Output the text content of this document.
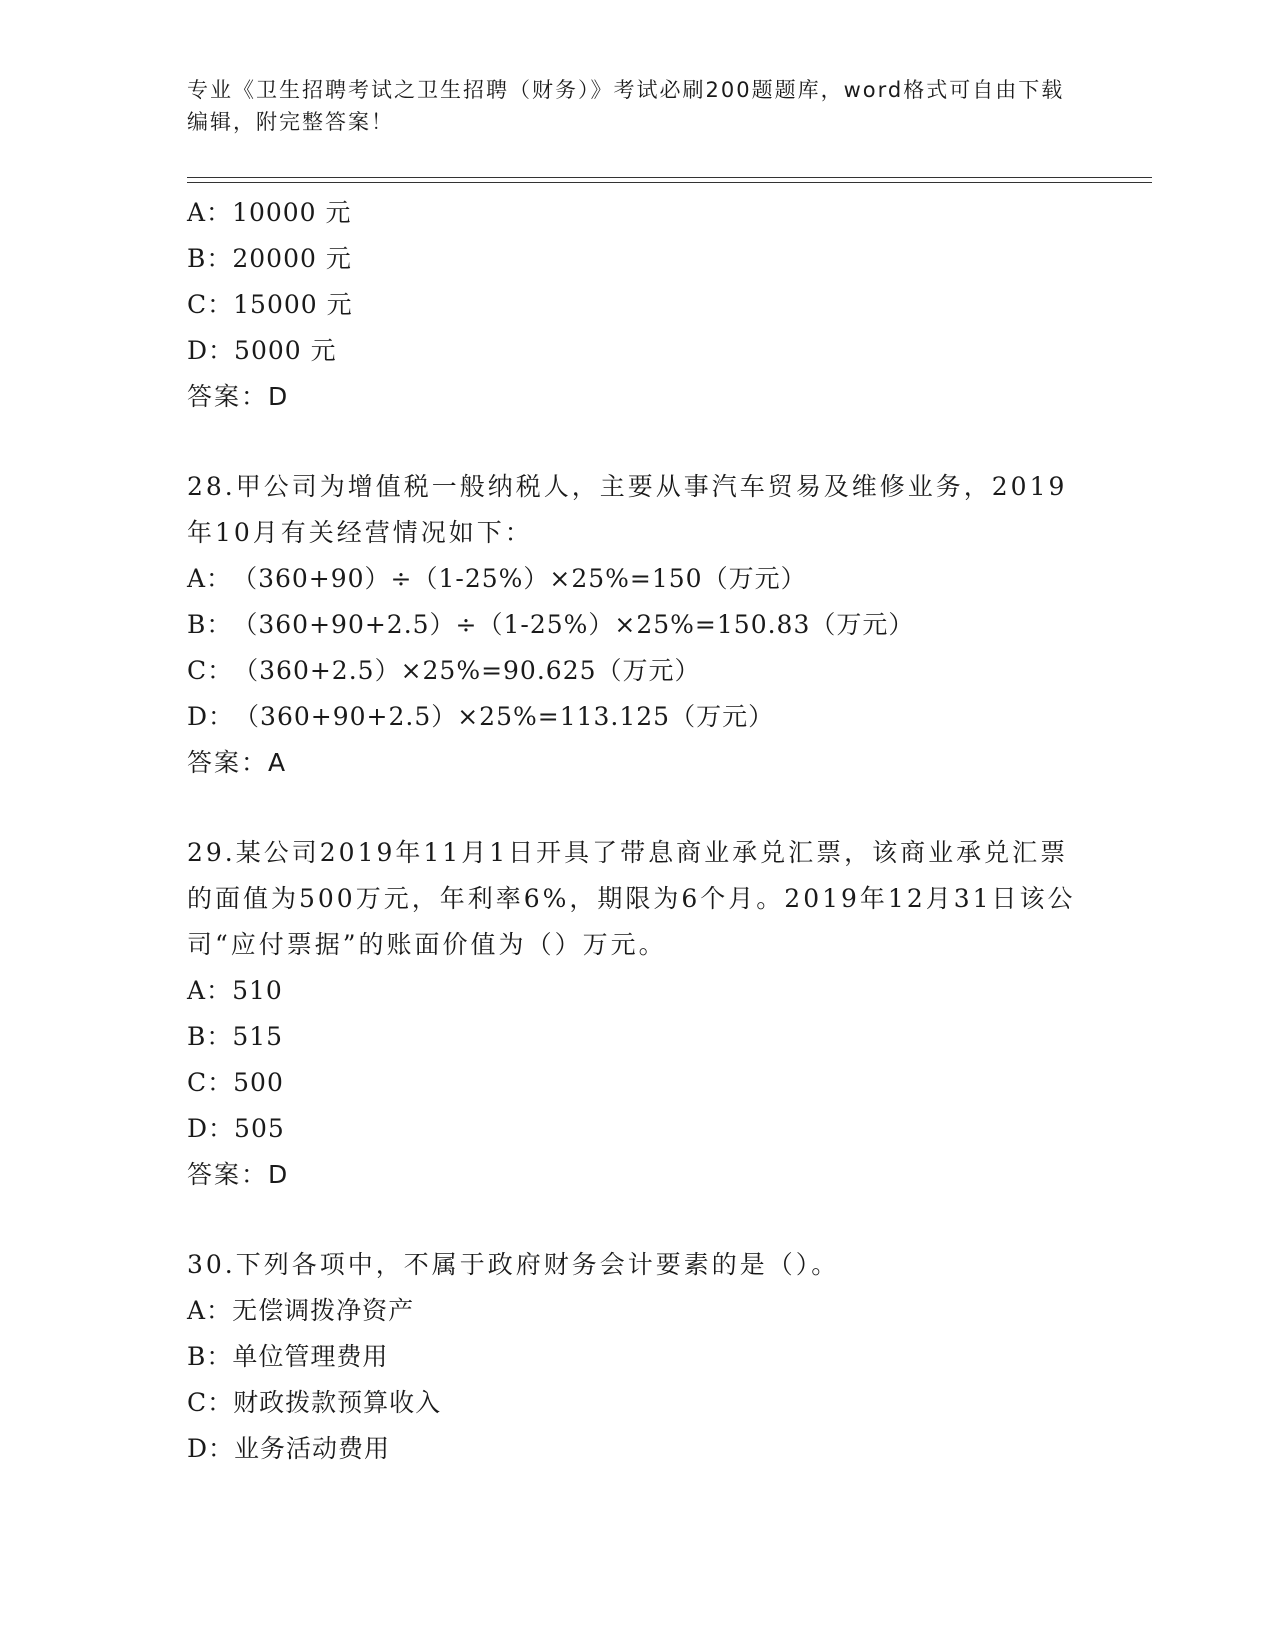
专业《卫生招聘考试之卫生招聘（财务）》考试必刷200题题库，word格式可自由下载编辑，附完整答案！
A：10000 元
B：20000 元
C：15000 元
D：5000 元
答案：D
28.甲公司为增值税一般纳税人，主要从事汽车贸易及维修业务，2019年10月有关经营情况如下：
A：（360+90）÷（1-25%）×25%=150（万元）
B：（360+90+2.5）÷（1-25%）×25%=150.83（万元）
C：（360+2.5）×25%=90.625（万元）
D：（360+90+2.5）×25%=113.125（万元）
答案：A
29.某公司2019年11月1日开具了带息商业承兑汇票，该商业承兑汇票的面值为500万元，年利率6%，期限为6个月。2019年12月31日该公司“应付票据”的账面价值为（）万元。
A：510
B：515
C：500
D：505
答案：D
30.下列各项中，不属于政府财务会计要素的是（）。
A：无偿调拨净资产
B：单位管理费用
C：财政拨款预算收入
D：业务活动费用
